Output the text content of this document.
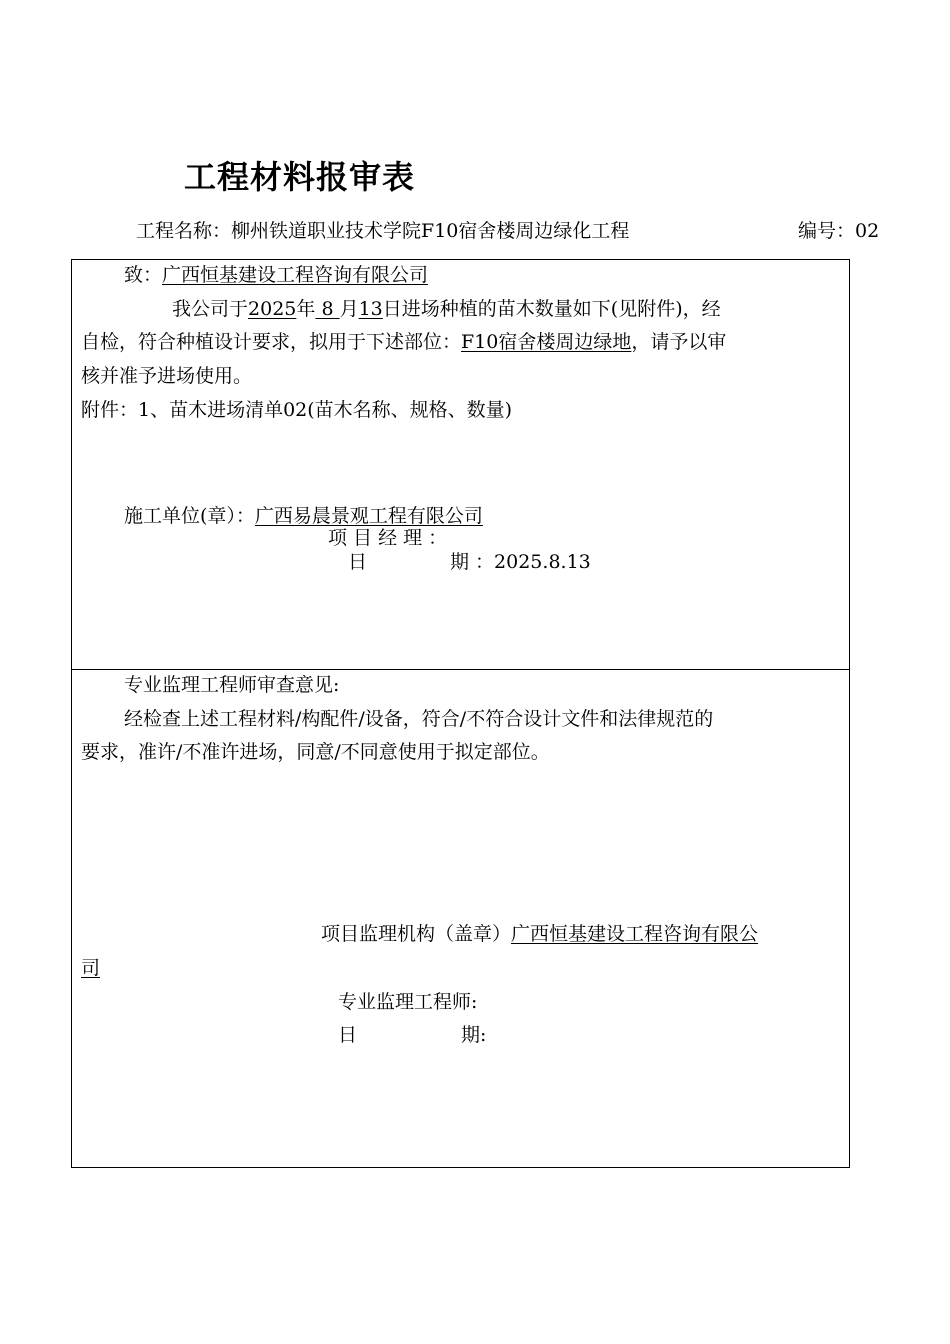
工程材料报审表
工程名称：柳州铁道职业技术学院F10宿舍楼周边绿化工程	编号：02
致：广西恒基建设工程咨询有限公司
我公司于2025年 8 月13日进场种植的苗木数量如下(见附件)，经
自检，符合种植设计要求，拟用于下述部位：F10宿舍楼周边绿地，请予以审
核并准予进场使用。
附件：1、苗木进场清单02(苗木名称、规格、数量)
施工单位(章）：广西易晨景观工程有限公司
项 目 经 理 ：
日	期 ：2025.8.13
专业监理工程师审查意见:
经检查上述工程材料/构配件/设备，符合/不符合设计文件和法律规范的
要求，准许/不准许进场，同意/不同意使用于拟定部位。
项目监理机构（盖章）广西恒基建设工程咨询有限公
司
专业监理工程师:
日	期:
